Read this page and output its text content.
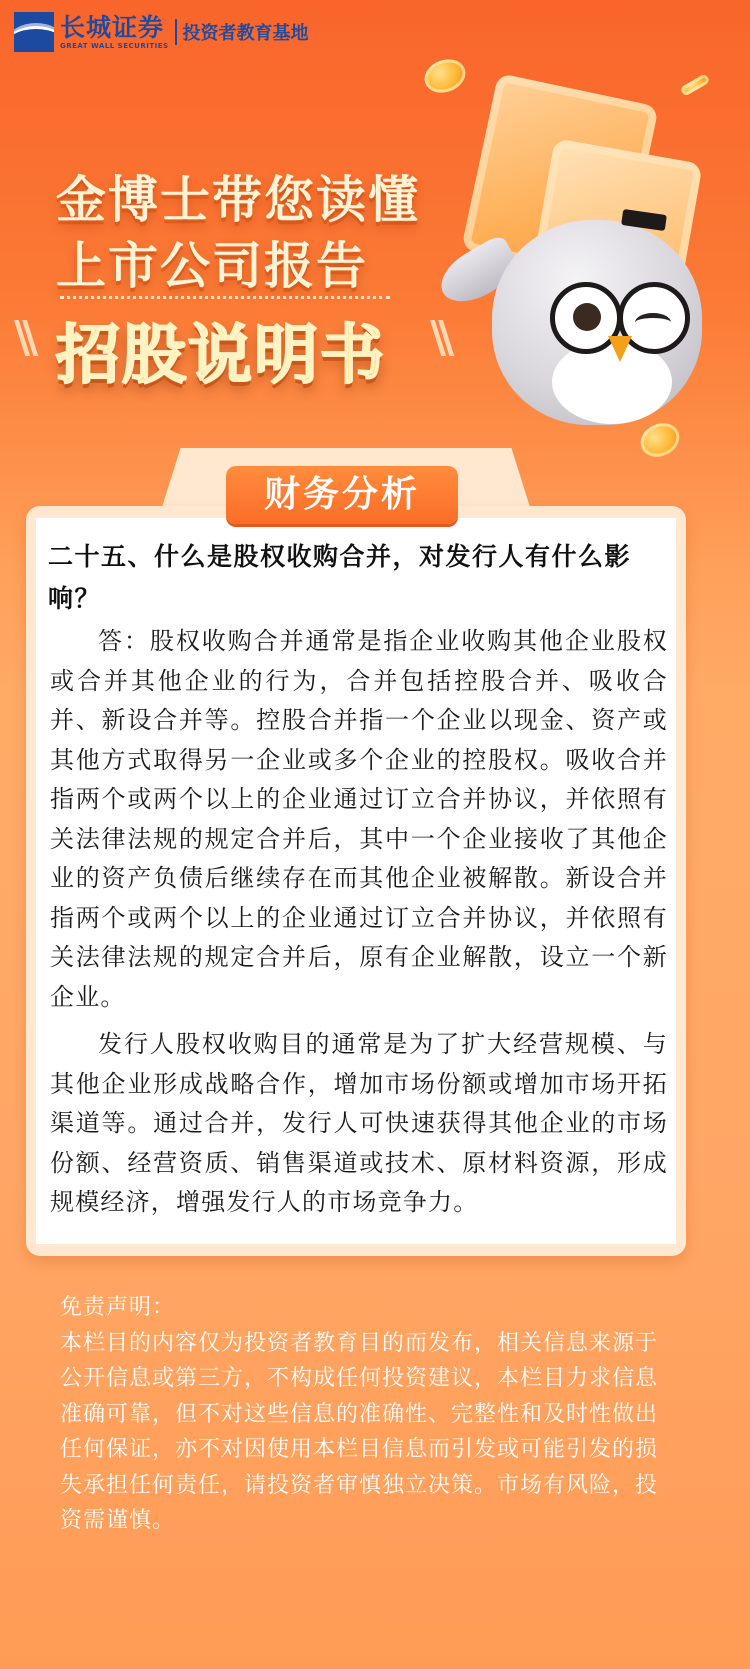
长城证券
GREAT WALL SECURITIES
投资者教育基地
金博士带您读懂
上市公司报告
\\ 招股说明书 \\
财务分析
二十五、什么是股权收购合并，对发行人有什么影响？

答：股权收购合并通常是指企业收购其他企业股权或合并其他企业的行为，合并包括控股合并、吸收合并、新设合并等。控股合并指一个企业以现金、资产或其他方式取得另一企业或多个企业的控股权。吸收合并指两个或两个以上的企业通过订立合并协议，并依照有关法律法规的规定合并后，其中一个企业接收了其他企业的资产负债后继续存在而其他企业被解散。新设合并指两个或两个以上的企业通过订立合并协议，并依照有关法律法规的规定合并后，原有企业解散，设立一个新企业。

发行人股权收购目的通常是为了扩大经营规模、与其他企业形成战略合作，增加市场份额或增加市场开拓渠道等。通过合并，发行人可快速获得其他企业的市场份额、经营资质、销售渠道或技术、原材料资源，形成规模经济，增强发行人的市场竞争力。

免责声明：
本栏目的内容仅为投资者教育目的而发布，相关信息来源于公开信息或第三方，不构成任何投资建议，本栏目力求信息准确可靠，但不对这些信息的准确性、完整性和及时性做出任何保证，亦不对因使用本栏目信息而引发或可能引发的损失承担任何责任，请投资者审慎独立决策。市场有风险，投资需谨慎。
